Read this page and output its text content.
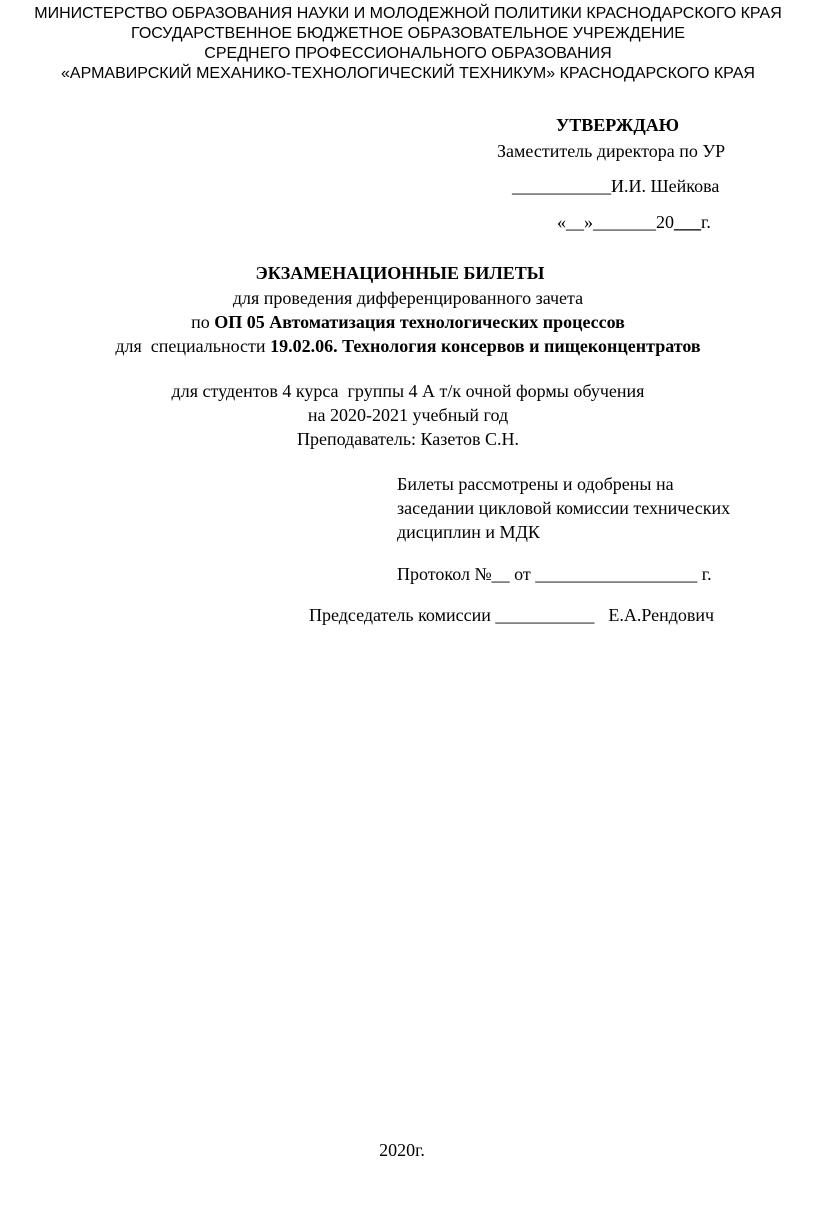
МИНИСТЕРСТВО ОБРАЗОВАНИЯ НАУКИ И МОЛОДЕЖНОЙ ПОЛИТИКИ КРАСНОДАРСКОГО КРАЯ
ГОСУДАРСТВЕННОЕ БЮДЖЕТНОЕ ОБРАЗОВАТЕЛЬНОЕ УЧРЕЖДЕНИЕ
СРЕДНЕГО ПРОФЕССИОНАЛЬНОГО ОБРАЗОВАНИЯ
«АРМАВИРСКИЙ МЕХАНИКО-ТЕХНОЛОГИЧЕСКИЙ ТЕХНИКУМ» КРАСНОДАРСКОГО КРАЯ
УТВЕРЖДАЮ
Заместитель директора по УР
___________И.И. Шейкова
«__»_______20___г.
ЭКЗАМЕНАЦИОННЫЕ БИЛЕТЫ
для проведения дифференцированного зачета
по ОП 05 Автоматизация технологических процессов
для  специальности 19.02.06. Технология консервов и пищеконцентратов
для студентов 4 курса  группы 4 А т/к очной формы обучения
на 2020-2021 учебный год
Преподаватель: Казетов С.Н.
Билеты рассмотрены и одобрены на
заседании цикловой комиссии технических
дисциплин и МДК
Протокол №__ от __________________ г.
Председатель комиссии ___________ Е.А.Рендович
2020г.
